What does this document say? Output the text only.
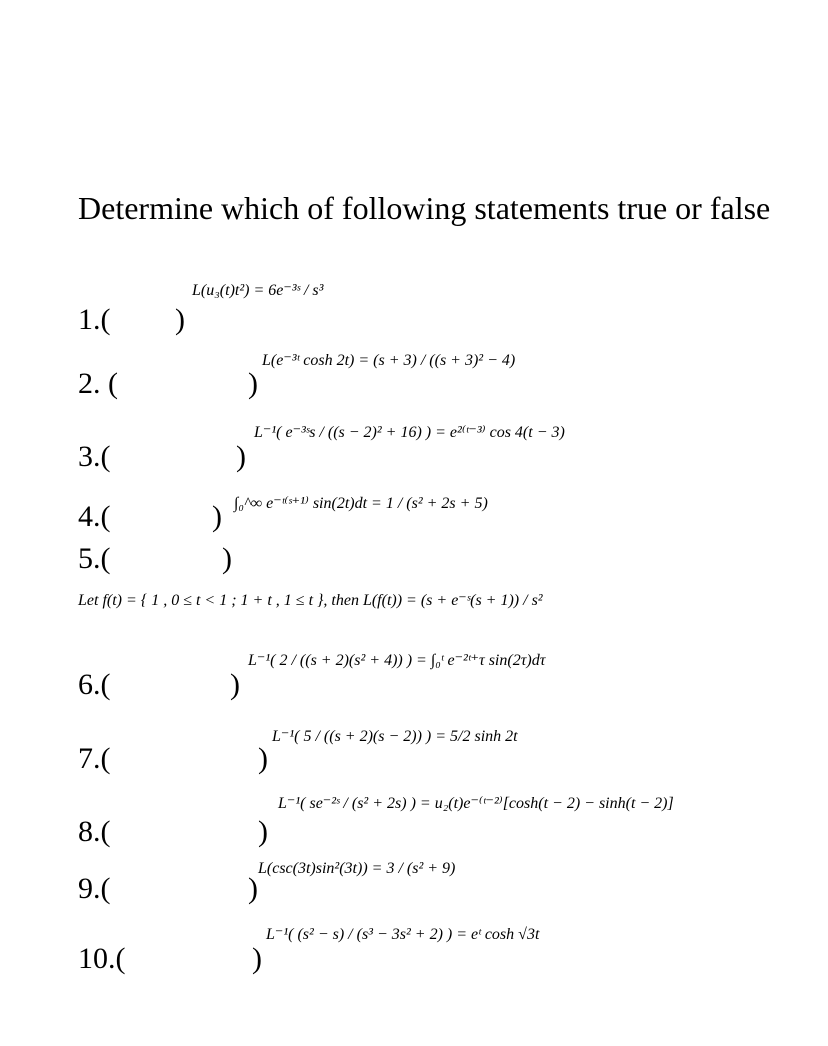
Determine which of following statements true or false
1.( )
L(u₃(t)t²) = 6e⁻³ˢ / s³
2. (	)
L(e⁻³ᵗ cosh 2t) = (s + 3) / ((s + 3)² − 4)
3.(	)
L⁻¹( e⁻³ˢs / ((s − 2)² + 16) ) = e²⁽ᵗ⁻³⁾ cos 4(t − 3)
4.(	) ∫₀^∞ e⁻ᵗ⁽ˢ⁺¹⁾ sin(2t)dt = 1 / (s² + 2s + 5)
5.(	)
Let f(t) = { 1 , 0 ≤ t < 1 ; 1 + t , 1 ≤ t }, then L(f(t)) = (s + e⁻ˢ(s + 1)) / s²
6.(	)
L⁻¹( 2 / ((s + 2)(s² + 4)) ) = ∫₀ᵗ e⁻²ᵗ⁺τ sin(2τ)dτ
7.(	)
L⁻¹( 5 / ((s + 2)(s − 2)) ) = 5/2 sinh 2t
8.(	)
L⁻¹( se⁻²ˢ / (s² + 2s) ) = u₂(t)e⁻⁽ᵗ⁻²⁾[cosh(t − 2) − sinh(t − 2)]
9.(	)
L(csc(3t)sin²(3t)) = 3 / (s² + 9)
10.(	)
L⁻¹( (s² − s) / (s³ − 3s² + 2) ) = eᵗ cosh √3t
